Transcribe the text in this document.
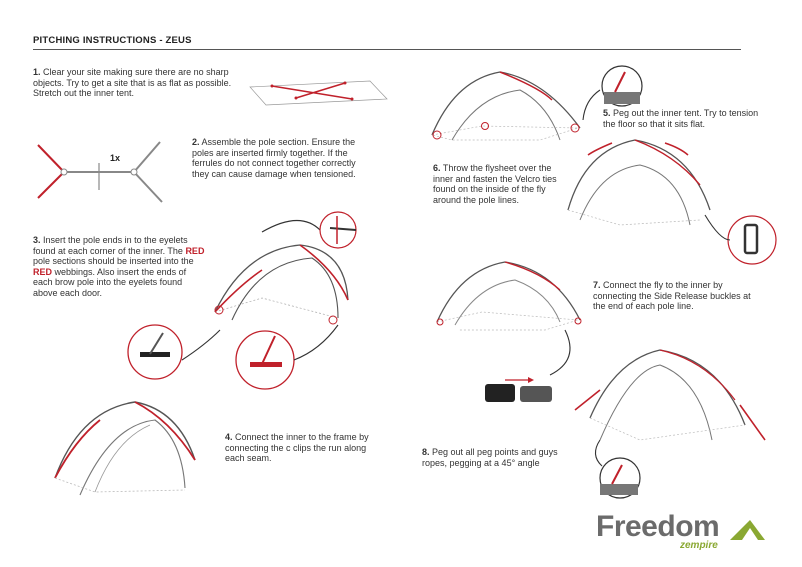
PITCHING INSTRUCTIONS - ZEUS
1. Clear your site making sure there are no sharp objects. Try to get a site that is as flat as possible. Stretch out the inner tent.
2. Assemble the pole section. Ensure the poles are inserted firmly together. If the ferrules do not connect together correctly they can cause damage when tensioned.
3. Insert the pole ends in to the eyelets found at each corner of the inner. The RED pole sections should be inserted into the RED webbings. Also insert the ends of each brow pole into the eyelets found above each door.
4. Connect the inner to the frame by connecting the c clips the run along each seam.
5. Peg out the inner tent. Try to tension the floor so that it sits flat.
6. Throw the flysheet over the inner and fasten the Velcro ties found on the inside of the fly around the pole lines.
7. Connect the fly to the inner by connecting the Side Release buckles at the end of each pole line.
8. Peg out all peg points and guys ropes, pegging at a 45° angle
1x
Freedom
zempire
